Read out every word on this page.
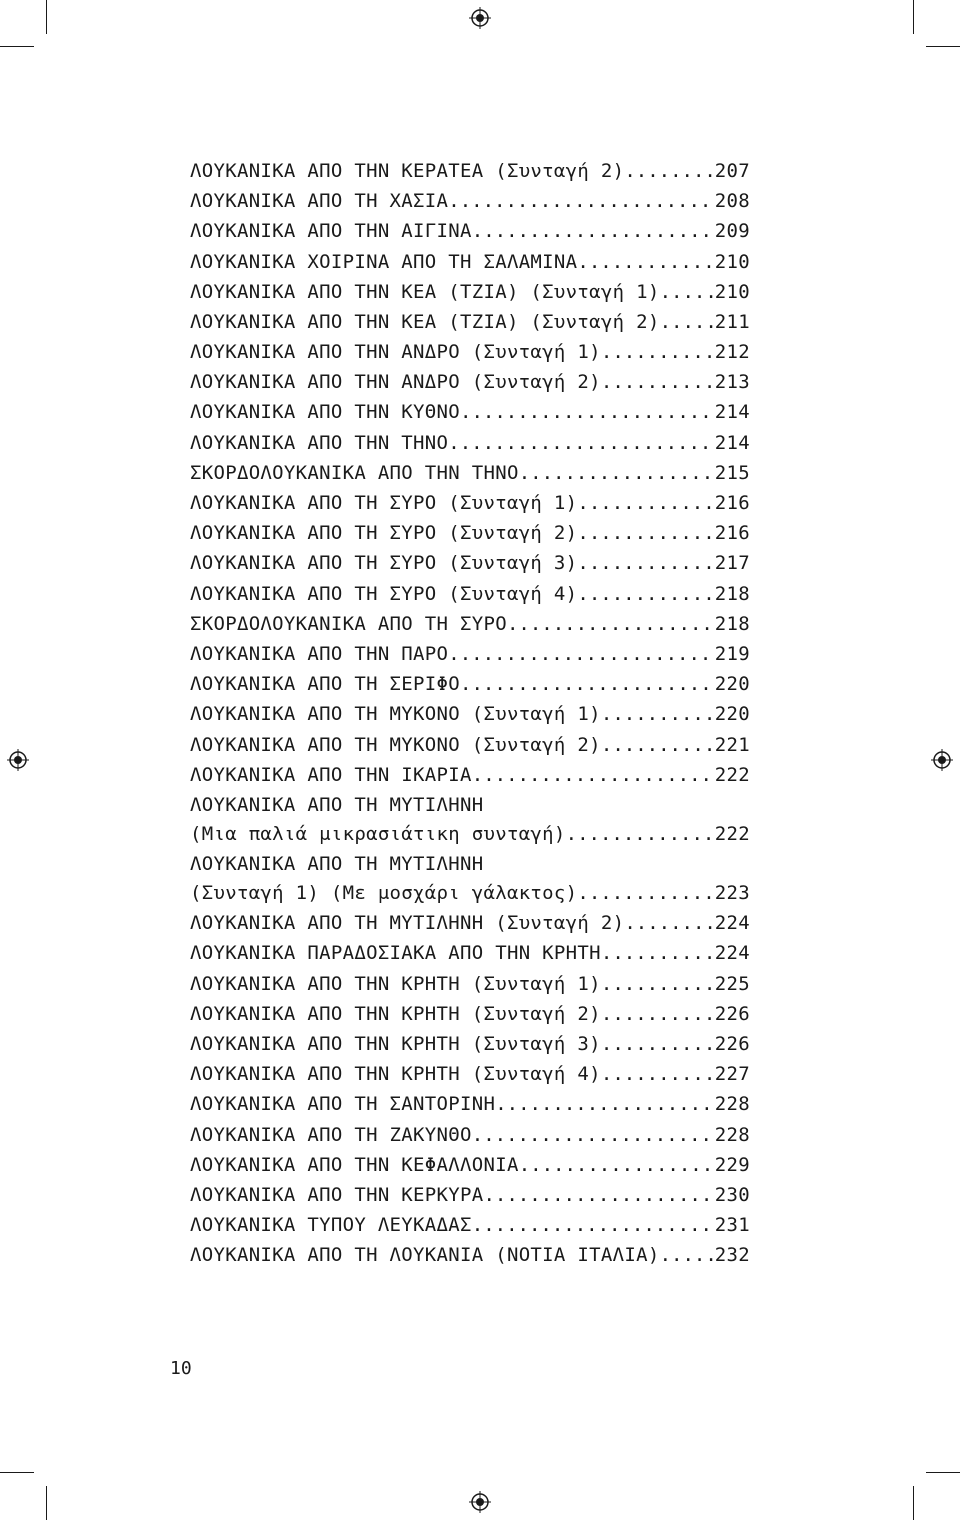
ΛΟΥΚΑΝΙΚΑ ΑΠΟ ΤΗΝ ΚΕΡΑΤΕΑ (Συνταγή 2) .....	207
ΛΟΥΚΑΝΙΚΑ ΑΠΟ ΤΗ ΧΑΣΙΑ .....	208
ΛΟΥΚΑΝΙΚΑ ΑΠΟ ΤΗΝ ΑΙΓΙΝΑ .....	209
ΛΟΥΚΑΝΙΚΑ ΧΟΙΡΙΝΑ ΑΠΟ ΤΗ ΣΑΛΑΜΙΝΑ .....	210
ΛΟΥΚΑΝΙΚΑ ΑΠΟ ΤΗΝ ΚΕΑ (ΤΖΙΑ) (Συνταγή 1) .....	210
ΛΟΥΚΑΝΙΚΑ ΑΠΟ ΤΗΝ ΚΕΑ (ΤΖΙΑ) (Συνταγή 2) .....	211
ΛΟΥΚΑΝΙΚΑ ΑΠΟ ΤΗΝ ΑΝΔΡΟ (Συνταγή 1) .....	212
ΛΟΥΚΑΝΙΚΑ ΑΠΟ ΤΗΝ ΑΝΔΡΟ (Συνταγή 2) .....	213
ΛΟΥΚΑΝΙΚΑ ΑΠΟ ΤΗΝ ΚΥΘΝΟ .....	214
ΛΟΥΚΑΝΙΚΑ ΑΠΟ ΤΗΝ ΤΗΝΟ .....	214
ΣΚΟΡΔΟΛΟΥΚΑΝΙΚΑ ΑΠΟ ΤΗΝ ΤΗΝΟ .....	215
ΛΟΥΚΑΝΙΚΑ ΑΠΟ ΤΗ ΣΥΡΟ (Συνταγή 1) .....	216
ΛΟΥΚΑΝΙΚΑ ΑΠΟ ΤΗ ΣΥΡΟ (Συνταγή 2) .....	216
ΛΟΥΚΑΝΙΚΑ ΑΠΟ ΤΗ ΣΥΡΟ (Συνταγή 3) .....	217
ΛΟΥΚΑΝΙΚΑ ΑΠΟ ΤΗ ΣΥΡΟ (Συνταγή 4) .....	218
ΣΚΟΡΔΟΛΟΥΚΑΝΙΚΑ ΑΠΟ ΤΗ ΣΥΡΟ .....	218
ΛΟΥΚΑΝΙΚΑ ΑΠΟ ΤΗΝ ΠΑΡΟ .....	219
ΛΟΥΚΑΝΙΚΑ ΑΠΟ ΤΗ ΣΕΡΙΦΟ .....	220
ΛΟΥΚΑΝΙΚΑ ΑΠΟ ΤΗ ΜΥΚΟΝΟ (Συνταγή 1) .....	220
ΛΟΥΚΑΝΙΚΑ ΑΠΟ ΤΗ ΜΥΚΟΝΟ (Συνταγή 2) .....	221
ΛΟΥΚΑΝΙΚΑ ΑΠΟ ΤΗΝ ΙΚΑΡΙΑ .....	222
ΛΟΥΚΑΝΙΚΑ ΑΠΟ ΤΗ ΜΥΤΙΛΗΝΗ
(Μια παλιά μικρασιάτικη συνταγή) .....	222
ΛΟΥΚΑΝΙΚΑ ΑΠΟ ΤΗ ΜΥΤΙΛΗΝΗ
(Συνταγή 1) (Με μοσχάρι γάλακτος) .....	223
ΛΟΥΚΑΝΙΚΑ ΑΠΟ ΤΗ ΜΥΤΙΛΗΝΗ (Συνταγή 2) .....	224
ΛΟΥΚΑΝΙΚΑ ΠΑΡΑΔΟΣΙΑΚΑ ΑΠΟ ΤΗΝ ΚΡΗΤΗ .....	224
ΛΟΥΚΑΝΙΚΑ ΑΠΟ ΤΗΝ ΚΡΗΤΗ (Συνταγή 1) .....	225
ΛΟΥΚΑΝΙΚΑ ΑΠΟ ΤΗΝ ΚΡΗΤΗ (Συνταγή 2) .....	226
ΛΟΥΚΑΝΙΚΑ ΑΠΟ ΤΗΝ ΚΡΗΤΗ (Συνταγή 3) .....	226
ΛΟΥΚΑΝΙΚΑ ΑΠΟ ΤΗΝ ΚΡΗΤΗ (Συνταγή 4) .....	227
ΛΟΥΚΑΝΙΚΑ ΑΠΟ ΤΗ ΣΑΝΤΟΡΙΝΗ .....	228
ΛΟΥΚΑΝΙΚΑ ΑΠΟ ΤΗ ΖΑΚΥΝΘΟ .....	228
ΛΟΥΚΑΝΙΚΑ ΑΠΟ ΤΗΝ ΚΕΦΑΛΛΟΝΙΑ .....	229
ΛΟΥΚΑΝΙΚΑ ΑΠΟ ΤΗΝ ΚΕΡΚΥΡΑ .....	230
ΛΟΥΚΑΝΙΚΑ ΤΥΠΟΥ ΛΕΥΚΑΔΑΣ .....	231
ΛΟΥΚΑΝΙΚΑ ΑΠΟ ΤΗ ΛΟΥΚΑΝΙΑ (ΝΟΤΙΑ ΙΤΑΛΙΑ) .....	232
10
